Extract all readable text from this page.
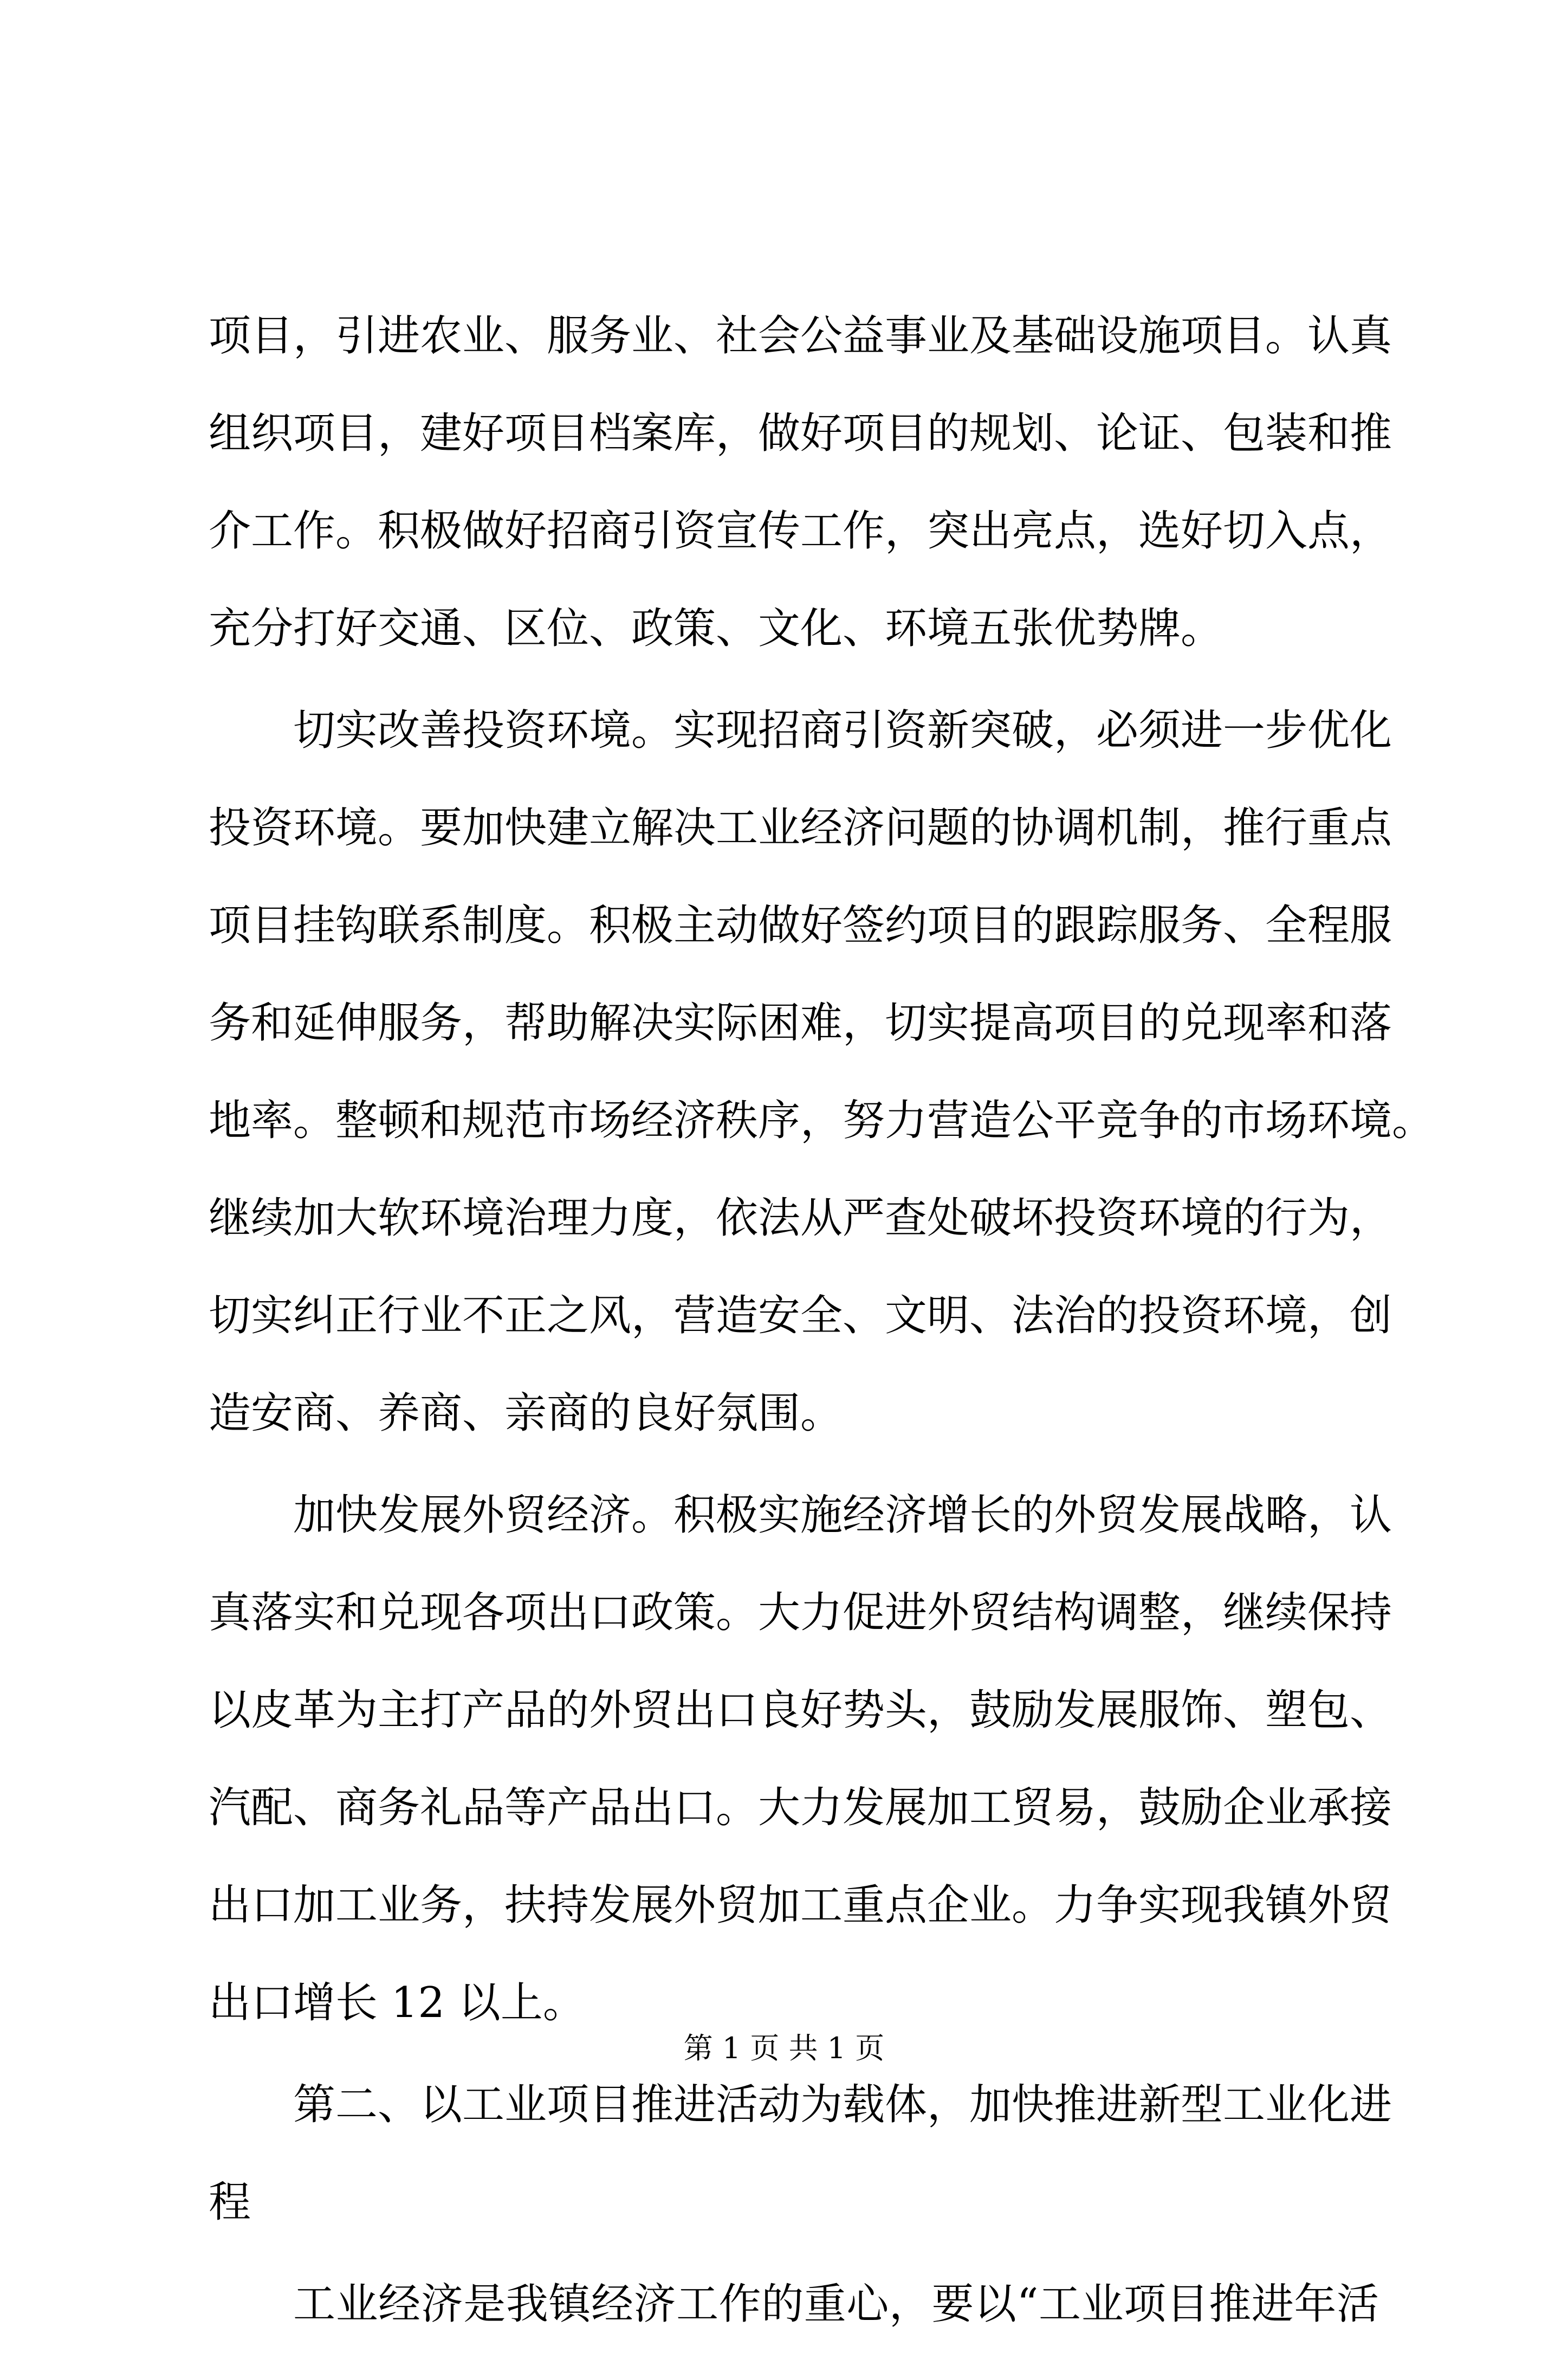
项目，引进农业、服务业、社会公益事业及基础设施项目。认真
组织项目，建好项目档案库，做好项目的规划、论证、包装和推
介工作。积极做好招商引资宣传工作，突出亮点，选好切入点，
充分打好交通、区位、政策、文化、环境五张优势牌。

切实改善投资环境。实现招商引资新突破，必须进一步优化
投资环境。要加快建立解决工业经济问题的协调机制，推行重点
项目挂钩联系制度。积极主动做好签约项目的跟踪服务、全程服
务和延伸服务，帮助解决实际困难，切实提高项目的兑现率和落
地率。整顿和规范市场经济秩序，努力营造公平竞争的市场环境。
继续加大软环境治理力度，依法从严查处破坏投资环境的行为，
切实纠正行业不正之风，营造安全、文明、法治的投资环境，创
造安商、养商、亲商的良好氛围。

加快发展外贸经济。积极实施经济增长的外贸发展战略，认
真落实和兑现各项出口政策。大力促进外贸结构调整，继续保持
以皮革为主打产品的外贸出口良好势头，鼓励发展服饰、塑包、
汽配、商务礼品等产品出口。大力发展加工贸易，鼓励企业承接
出口加工业务，扶持发展外贸加工重点企业。力争实现我镇外贸
出口增长 12 以上。

第二、以工业项目推进活动为载体，加快推进新型工业化进
程

工业经济是我镇经济工作的重心，要以“工业项目推进年活

第 1 页 共 1 页
